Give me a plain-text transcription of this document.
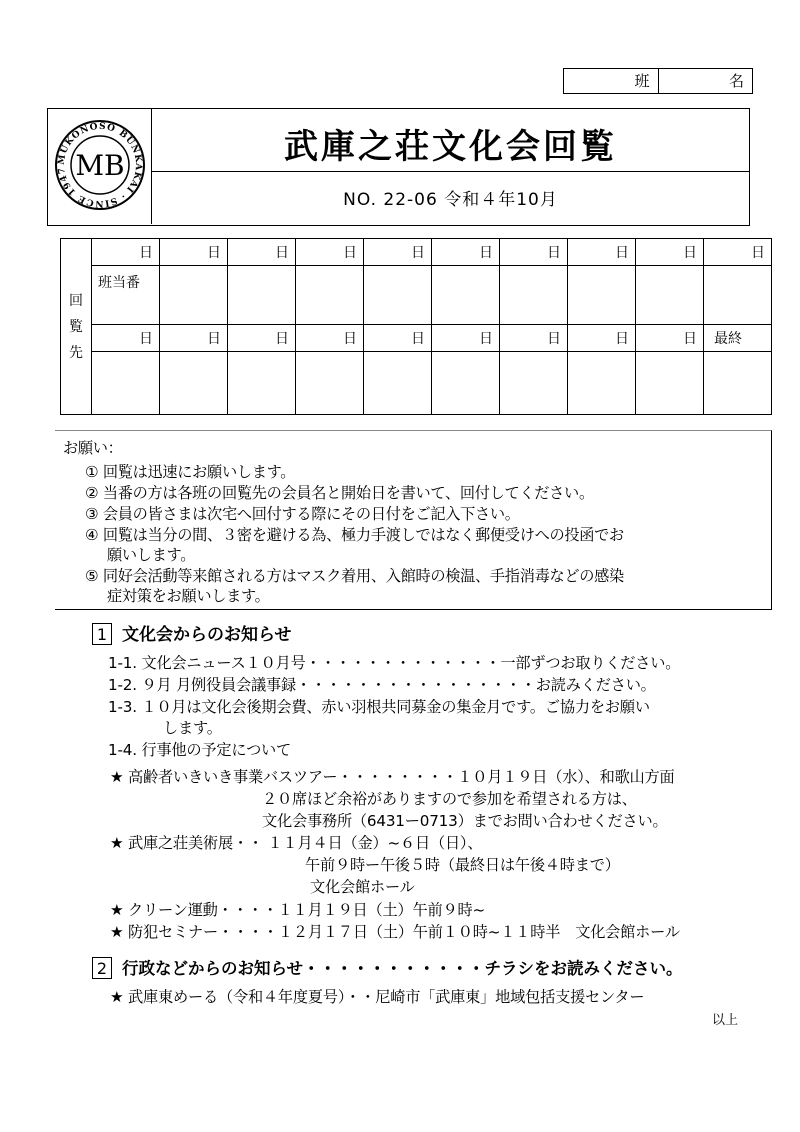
班	名
MUKONOSO BUNKAKAI · SINCE 1947 MB	武庫之荘文化会回覧
NO. 22-06 令和４年10月
回
覧
先	日	日	日	日	日	日	日	日	日	日
	班当番									
	日	日	日	日	日	日	日	日	日	最終

お願い：
① 回覧は迅速にお願いします。
② 当番の方は各班の回覧先の会員名と開始日を書いて、回付してください。
③ 会員の皆さまは次宅へ回付する際にその日付をご記入下さい。
④ 回覧は当分の間、３密を避ける為、極力手渡しではなく郵便受けへの投函でお
願いします。
⑤ 同好会活動等来館される方はマスク着用、入館時の検温、手指消毒などの感染
症対策をお願いします。
1 文化会からのお知らせ
1-1. 文化会ニュース１０月号・・・・・・・・・・・・・一部ずつお取りください。
1-2. ９月 月例役員会議事録・・・・・・・・・・・・・・・・お読みください。
1-3. １０月は文化会後期会費、赤い羽根共同募金の集金月です。ご協力をお願い
します。
1-4. 行事他の予定について
★ 高齢者いきいき事業バスツアー・・・・・・・・１０月１９日（水）、和歌山方面
２０席ほど余裕がありますので参加を希望される方は、
文化会事務所（6431ー0713）までお問い合わせください。
★ 武庫之荘美術展・・ １１月４日（金）~６日（日）、
午前９時ー午後５時（最終日は午後４時まで）
文化会館ホール
★ クリーン運動・・・・１１月１９日（土）午前９時~
★ 防犯セミナー・・・・１２月１７日（土）午前１０時~１１時半　文化会館ホール
2 行政などからのお知らせ・・・・・・・・・・・チラシをお読みください。
★ 武庫東めーる（令和４年度夏号）・・尼崎市「武庫東」地域包括支援センター
以上
